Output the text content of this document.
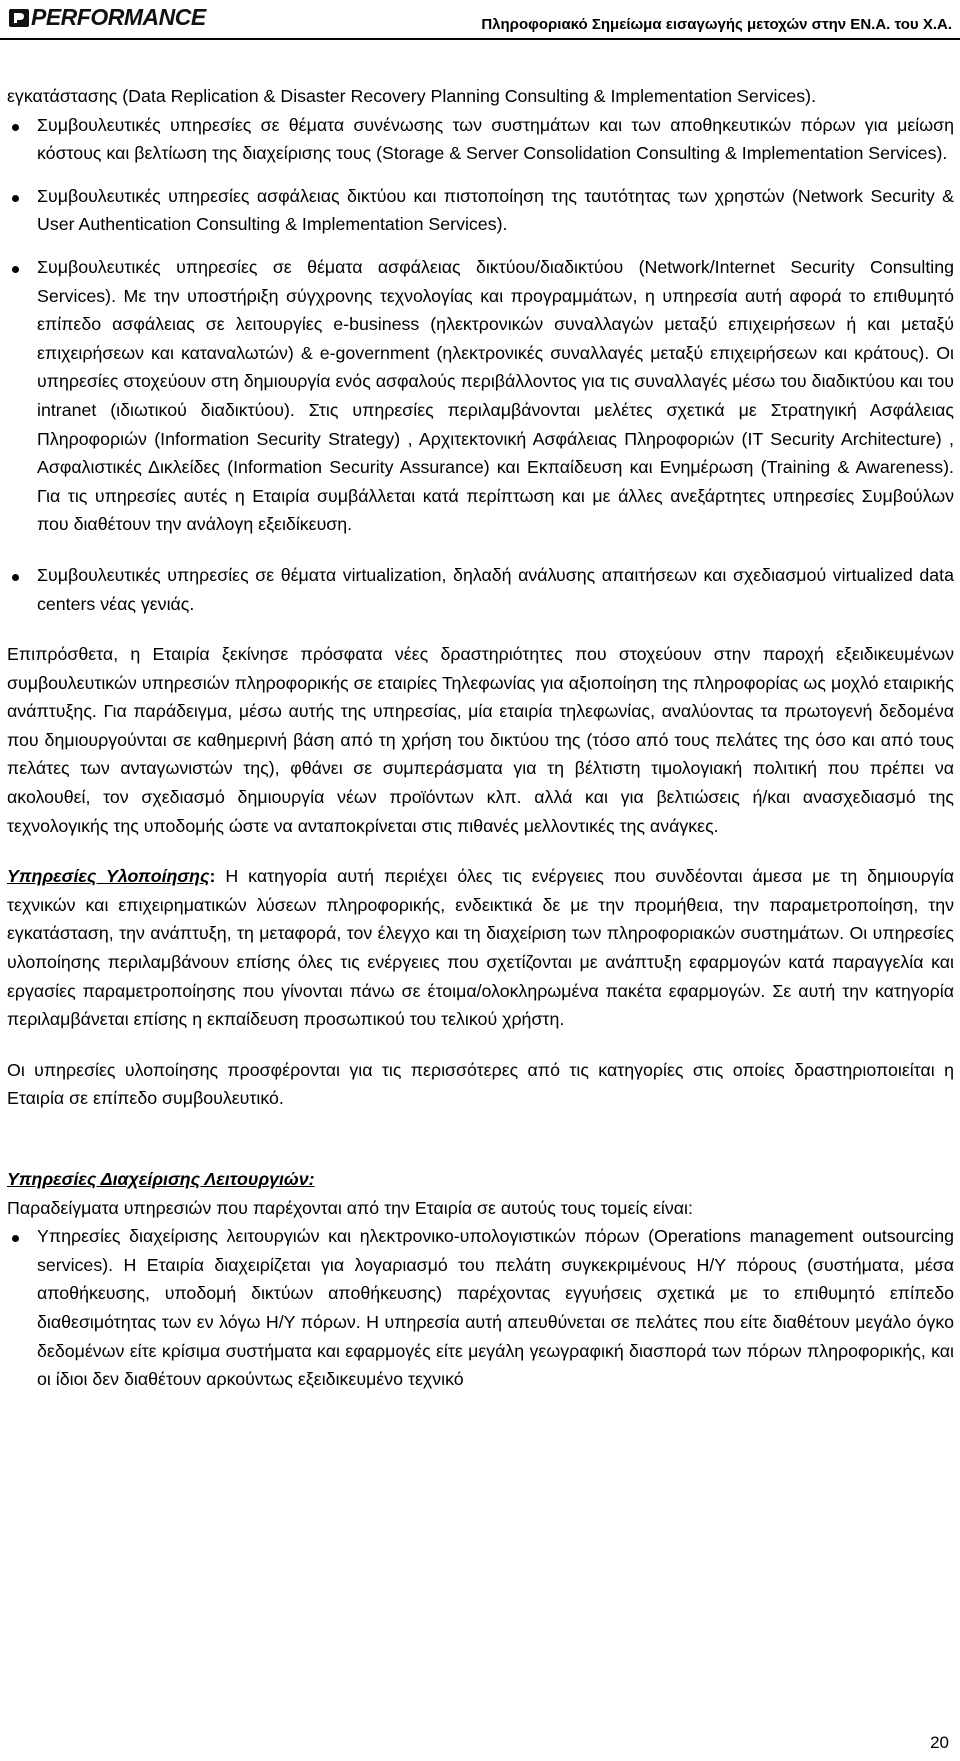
PERFORMANCE	Πληροφοριακό Σημείωμα εισαγωγής μετοχών στην ΕΝ.Α. του Χ.Α.

εγκατάστασης (Data Replication & Disaster Recovery Planning Consulting & Implementation Services).

Συμβουλευτικές υπηρεσίες σε θέματα συνένωσης των συστημάτων και των αποθηκευτικών πόρων για μείωση κόστους και βελτίωση της διαχείρισης τους (Storage & Server Consolidation Consulting & Implementation Services).
Συμβουλευτικές υπηρεσίες ασφάλειας δικτύου και πιστοποίηση της ταυτότητας των χρηστών (Network Security & User Authentication Consulting & Implementation Services).
Συμβουλευτικές υπηρεσίες σε θέματα ασφάλειας δικτύου/διαδικτύου (Network/Internet Security Consulting Services). Με την υποστήριξη σύγχρονης τεχνολογίας και προγραμμάτων, η υπηρεσία αυτή αφορά το επιθυμητό επίπεδο ασφάλειας σε λειτουργίες e-business (ηλεκτρονικών συναλλαγών μεταξύ επιχειρήσεων ή και μεταξύ επιχειρήσεων και καταναλωτών) & e-government (ηλεκτρονικές συναλλαγές μεταξύ επιχειρήσεων και κράτους). Οι υπηρεσίες στοχεύουν στη δημιουργία ενός ασφαλούς περιβάλλοντος για τις συναλλαγές μέσω του διαδικτύου και του intranet (ιδιωτικού διαδικτύου). Στις υπηρεσίες περιλαμβάνονται μελέτες σχετικά με Στρατηγική Ασφάλειας Πληροφοριών (Information Security Strategy) , Αρχιτεκτονική Ασφάλειας Πληροφοριών (IT Security Architecture) , Ασφαλιστικές Δικλείδες (Information Security Assurance) και Εκπαίδευση και Ενημέρωση (Training & Awareness). Για τις υπηρεσίες αυτές η Εταιρία συμβάλλεται κατά περίπτωση και με άλλες ανεξάρτητες υπηρεσίες Συμβούλων που διαθέτουν την ανάλογη εξειδίκευση.
Συμβουλευτικές υπηρεσίες σε θέματα virtualization, δηλαδή ανάλυσης απαιτήσεων και σχεδιασμού virtualized data centers νέας γενιάς.

Επιπρόσθετα, η Εταιρία ξεκίνησε πρόσφατα νέες δραστηριότητες που στοχεύουν στην παροχή εξειδικευμένων συμβουλευτικών υπηρεσιών πληροφορικής σε εταιρίες Τηλεφωνίας για αξιοποίηση της πληροφορίας ως μοχλό εταιρικής ανάπτυξης. Για παράδειγμα, μέσω αυτής της υπηρεσίας, μία εταιρία τηλεφωνίας, αναλύοντας τα πρωτογενή δεδομένα που δημιουργούνται σε καθημερινή βάση από τη χρήση του δικτύου της (τόσο από τους πελάτες της όσο και από τους πελάτες των ανταγωνιστών της), φθάνει σε συμπεράσματα για τη βέλτιστη τιμολογιακή πολιτική που πρέπει να ακολουθεί, τον σχεδιασμό δημιουργία νέων προϊόντων κλπ. αλλά και για βελτιώσεις ή/και ανασχεδιασμό της τεχνολογικής της υποδομής ώστε να ανταποκρίνεται στις πιθανές μελλοντικές της ανάγκες.

Υπηρεσίες Υλοποίησης: Η κατηγορία αυτή περιέχει όλες τις ενέργειες που συνδέονται άμεσα με τη δημιουργία τεχνικών και επιχειρηματικών λύσεων πληροφορικής, ενδεικτικά δε με την προμήθεια, την παραμετροποίηση, την εγκατάσταση, την ανάπτυξη, τη μεταφορά, τον έλεγχο και τη διαχείριση των πληροφοριακών συστημάτων. Οι υπηρεσίες υλοποίησης περιλαμβάνουν επίσης όλες τις ενέργειες που σχετίζονται με ανάπτυξη εφαρμογών κατά παραγγελία και εργασίες παραμετροποίησης που γίνονται πάνω σε έτοιμα/ολοκληρωμένα πακέτα εφαρμογών. Σε αυτή την κατηγορία περιλαμβάνεται επίσης η εκπαίδευση προσωπικού του τελικού χρήστη.

Οι υπηρεσίες υλοποίησης προσφέρονται για τις περισσότερες από τις κατηγορίες στις οποίες δραστηριοποιείται η Εταιρία σε επίπεδο συμβουλευτικό.

Υπηρεσίες Διαχείρισης Λειτουργιών:

Παραδείγματα υπηρεσιών που παρέχονται από την Εταιρία σε αυτούς τους τομείς είναι:

Υπηρεσίες διαχείρισης λειτουργιών και ηλεκτρονικο-υπολογιστικών πόρων (Operations management outsourcing services). Η Εταιρία διαχειρίζεται για λογαριασμό του πελάτη συγκεκριμένους Η/Υ πόρους (συστήματα, μέσα αποθήκευσης, υποδομή δικτύων αποθήκευσης) παρέχοντας εγγυήσεις σχετικά με το επιθυμητό επίπεδο διαθεσιμότητας των εν λόγω Η/Υ πόρων. Η υπηρεσία αυτή απευθύνεται σε πελάτες που είτε διαθέτουν μεγάλο όγκο δεδομένων είτε κρίσιμα συστήματα και εφαρμογές είτε μεγάλη γεωγραφική διασπορά των πόρων πληροφορικής, και οι ίδιοι δεν διαθέτουν αρκούντως εξειδικευμένο τεχνικό
20
